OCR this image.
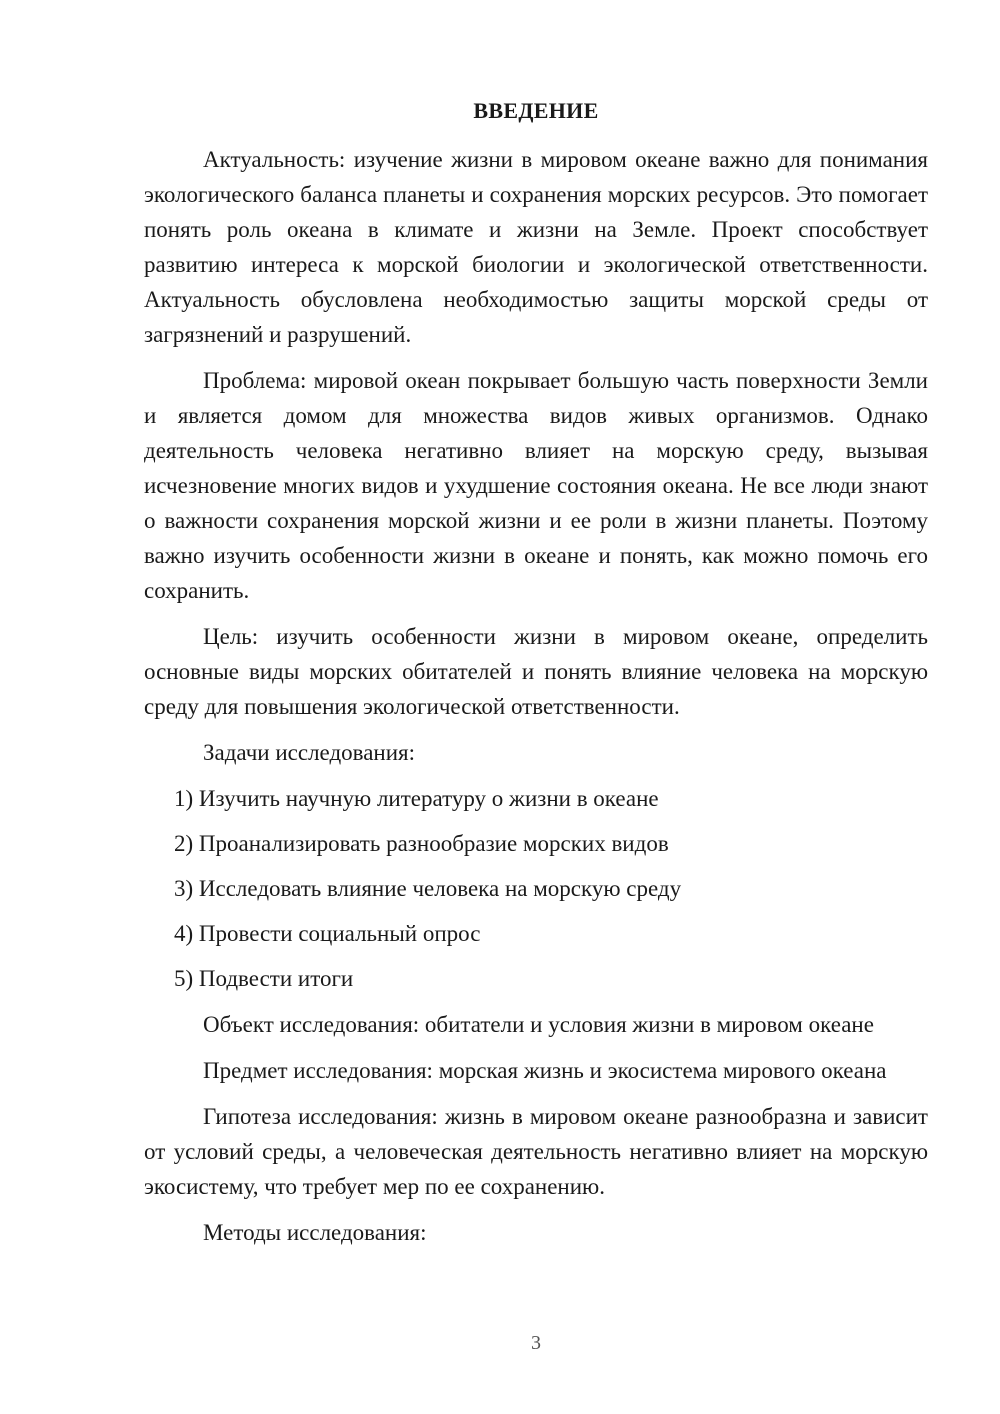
ВВЕДЕНИЕ

Актуальность: изучение жизни в мировом океане важно для понимания экологического баланса планеты и сохранения морских ресурсов. Это помогает понять роль океана в климате и жизни на Земле. Проект способствует развитию интереса к морской биологии и экологической ответственности. Актуальность обусловлена необходимостью защиты морской среды от загрязнений и разрушений.

Проблема: мировой океан покрывает большую часть поверхности Земли и является домом для множества видов живых организмов. Однако деятельность человека негативно влияет на морскую среду, вызывая исчезновение многих видов и ухудшение состояния океана. Не все люди знают о важности сохранения морской жизни и ее роли в жизни планеты. Поэтому важно изучить особенности жизни в океане и понять, как можно помочь его сохранить.

Цель: изучить особенности жизни в мировом океане, определить основные виды морских обитателей и понять влияние человека на морскую среду для повышения экологической ответственности.

Задачи исследования:

1) Изучить научную литературу о жизни в океане
2) Проанализировать разнообразие морских видов
3) Исследовать влияние человека на морскую среду
4) Провести социальный опрос
5) Подвести итоги

Объект исследования: обитатели и условия жизни в мировом океане

Предмет исследования: морская жизнь и экосистема мирового океана

Гипотеза исследования: жизнь в мировом океане разнообразна и зависит от условий среды, а человеческая деятельность негативно влияет на морскую экосистему, что требует мер по ее сохранению.

Методы исследования:

3
